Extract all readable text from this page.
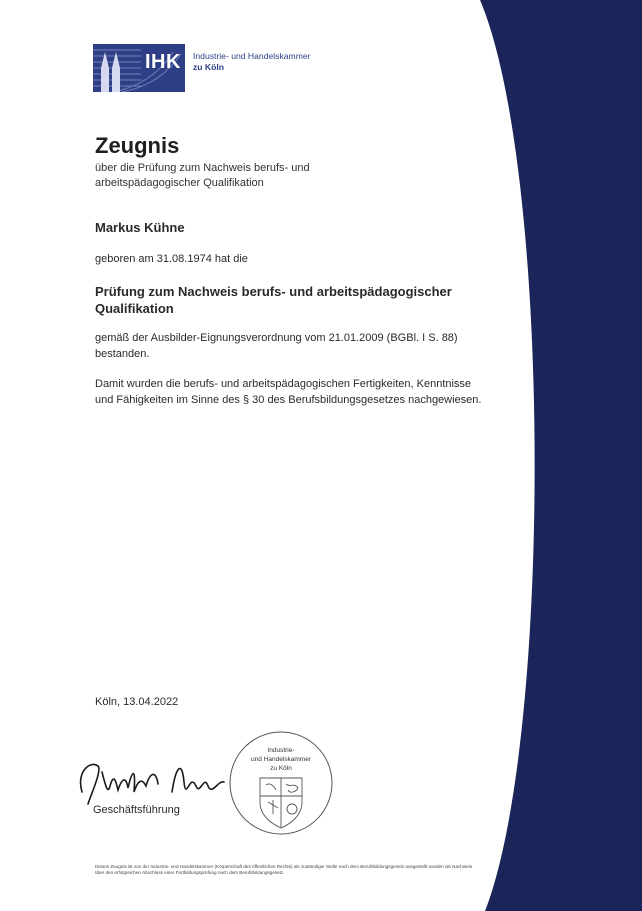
IHK Industrie- und Handelskammer
zu Köln
Zeugnis
über die Prüfung zum Nachweis berufs- und arbeitspädagogischer Qualifikation
Markus Kühne
geboren am 31.08.1974 hat die
Prüfung zum Nachweis berufs- und arbeitspädagogischer Qualifikation
gemäß der Ausbilder-Eignungsverordnung vom 21.01.2009 (BGBl. I S. 88) bestanden.
Damit wurden die berufs- und arbeitspädagogischen Fertigkeiten, Kenntnisse und Fähigkeiten im Sinne des § 30 des Berufsbildungsgesetzes nachgewiesen.
Köln, 13.04.2022
Geschäftsführung
Industrie-
und Handelskammer
zu Köln
Dieses Zeugnis ist von der Industrie- und Handelskammer (Körperschaft des öffentlichen Rechts) als zuständiger Stelle nach dem Berufsbildungsgesetz ausgestellt worden als Nachweis über den erfolgreichen Abschluss einer Fortbildungsprüfung nach dem Berufsbildungsgesetz.
